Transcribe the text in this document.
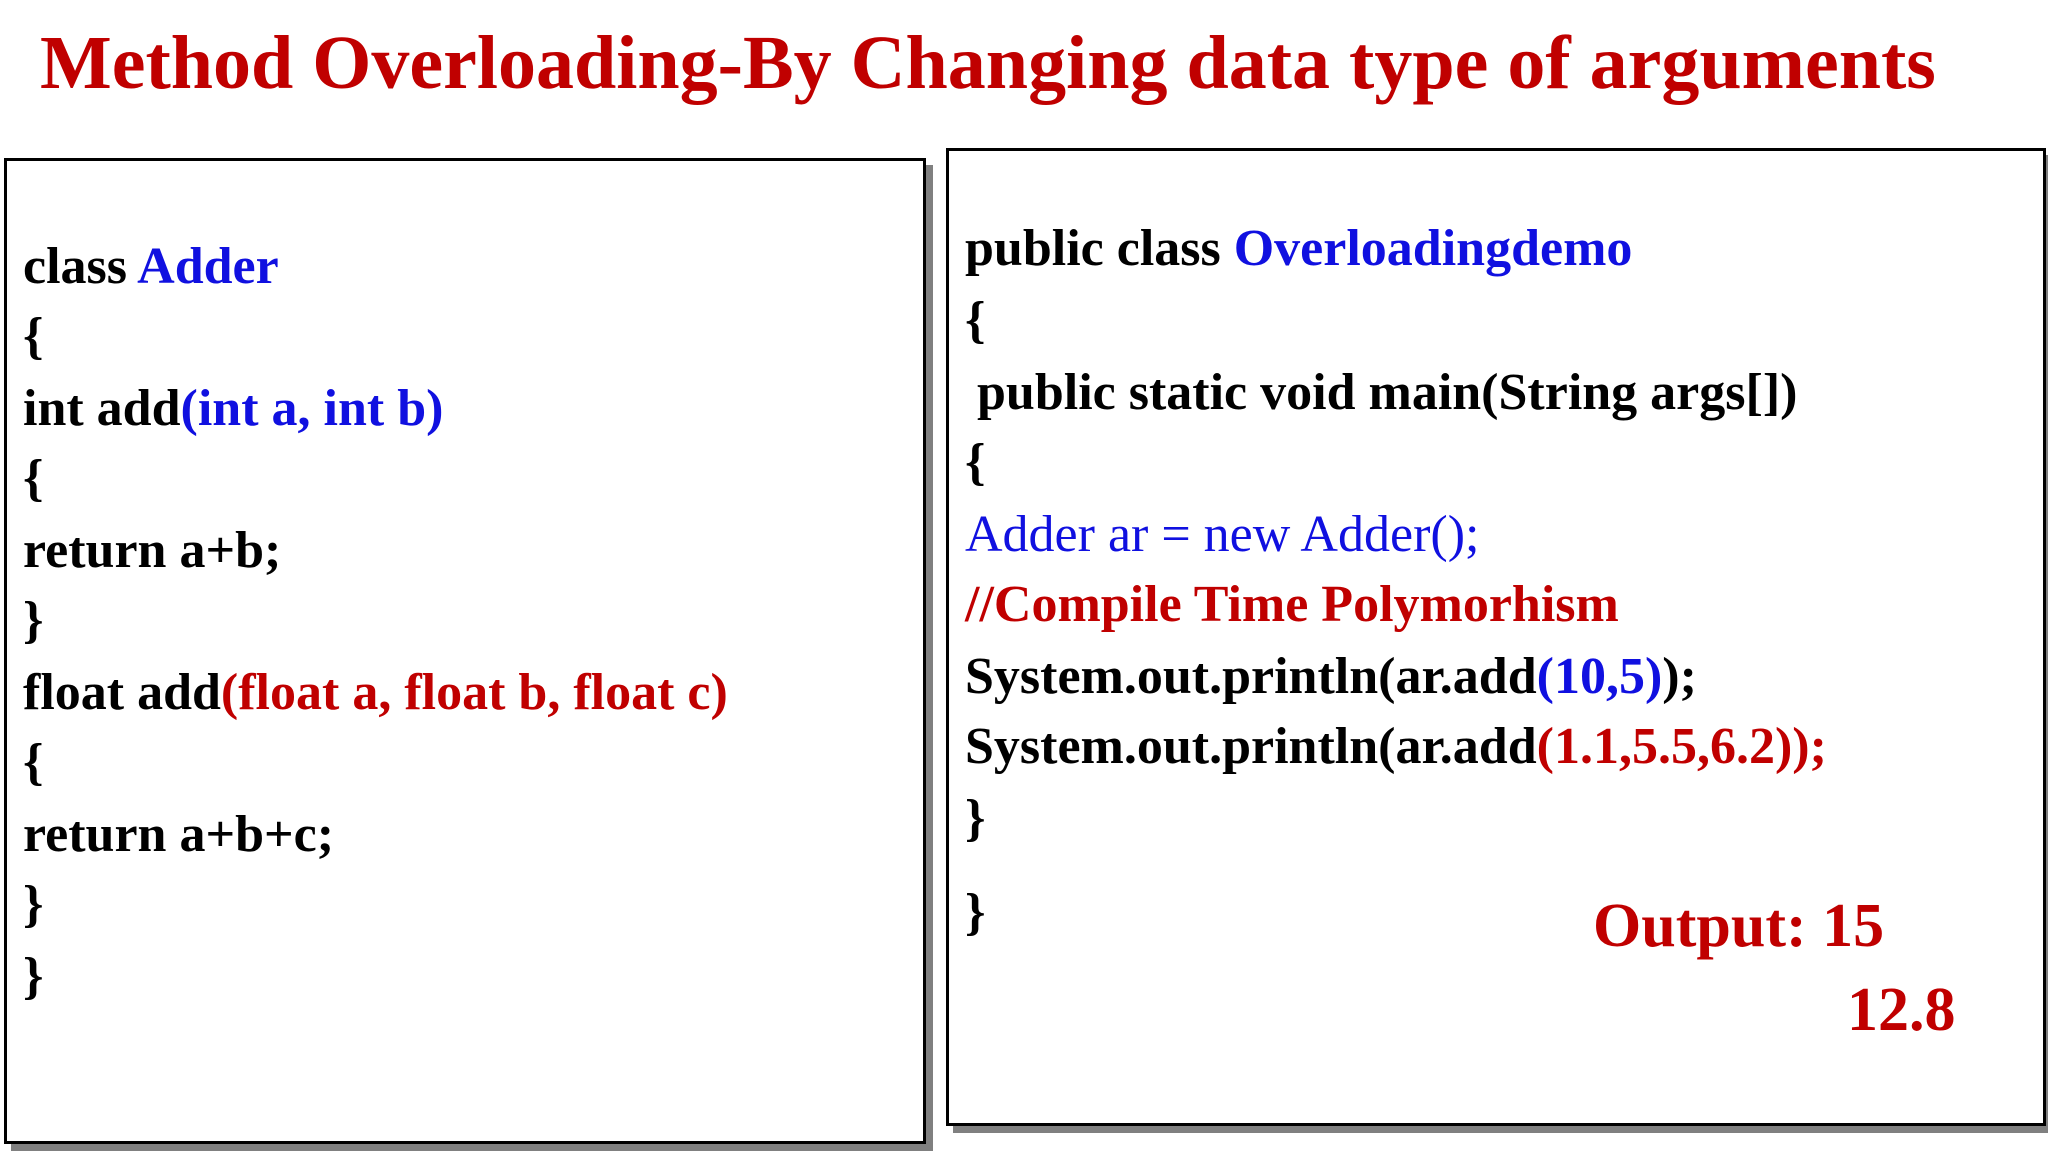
Method Overloading-By Changing data type of arguments
class Adder
{
int add(int a, int b)
{
return a+b;
}
float add(float a, float b, float c)
{
return a+b+c;
}
}
public class Overloadingdemo
{
public static void main(String args[])
{
Adder ar = new Adder();
//Compile Time Polymorhism
System.out.println(ar.add(10,5));
System.out.println(ar.add(1.1,5.5,6.2));
}
}	Output: 15
12.8
